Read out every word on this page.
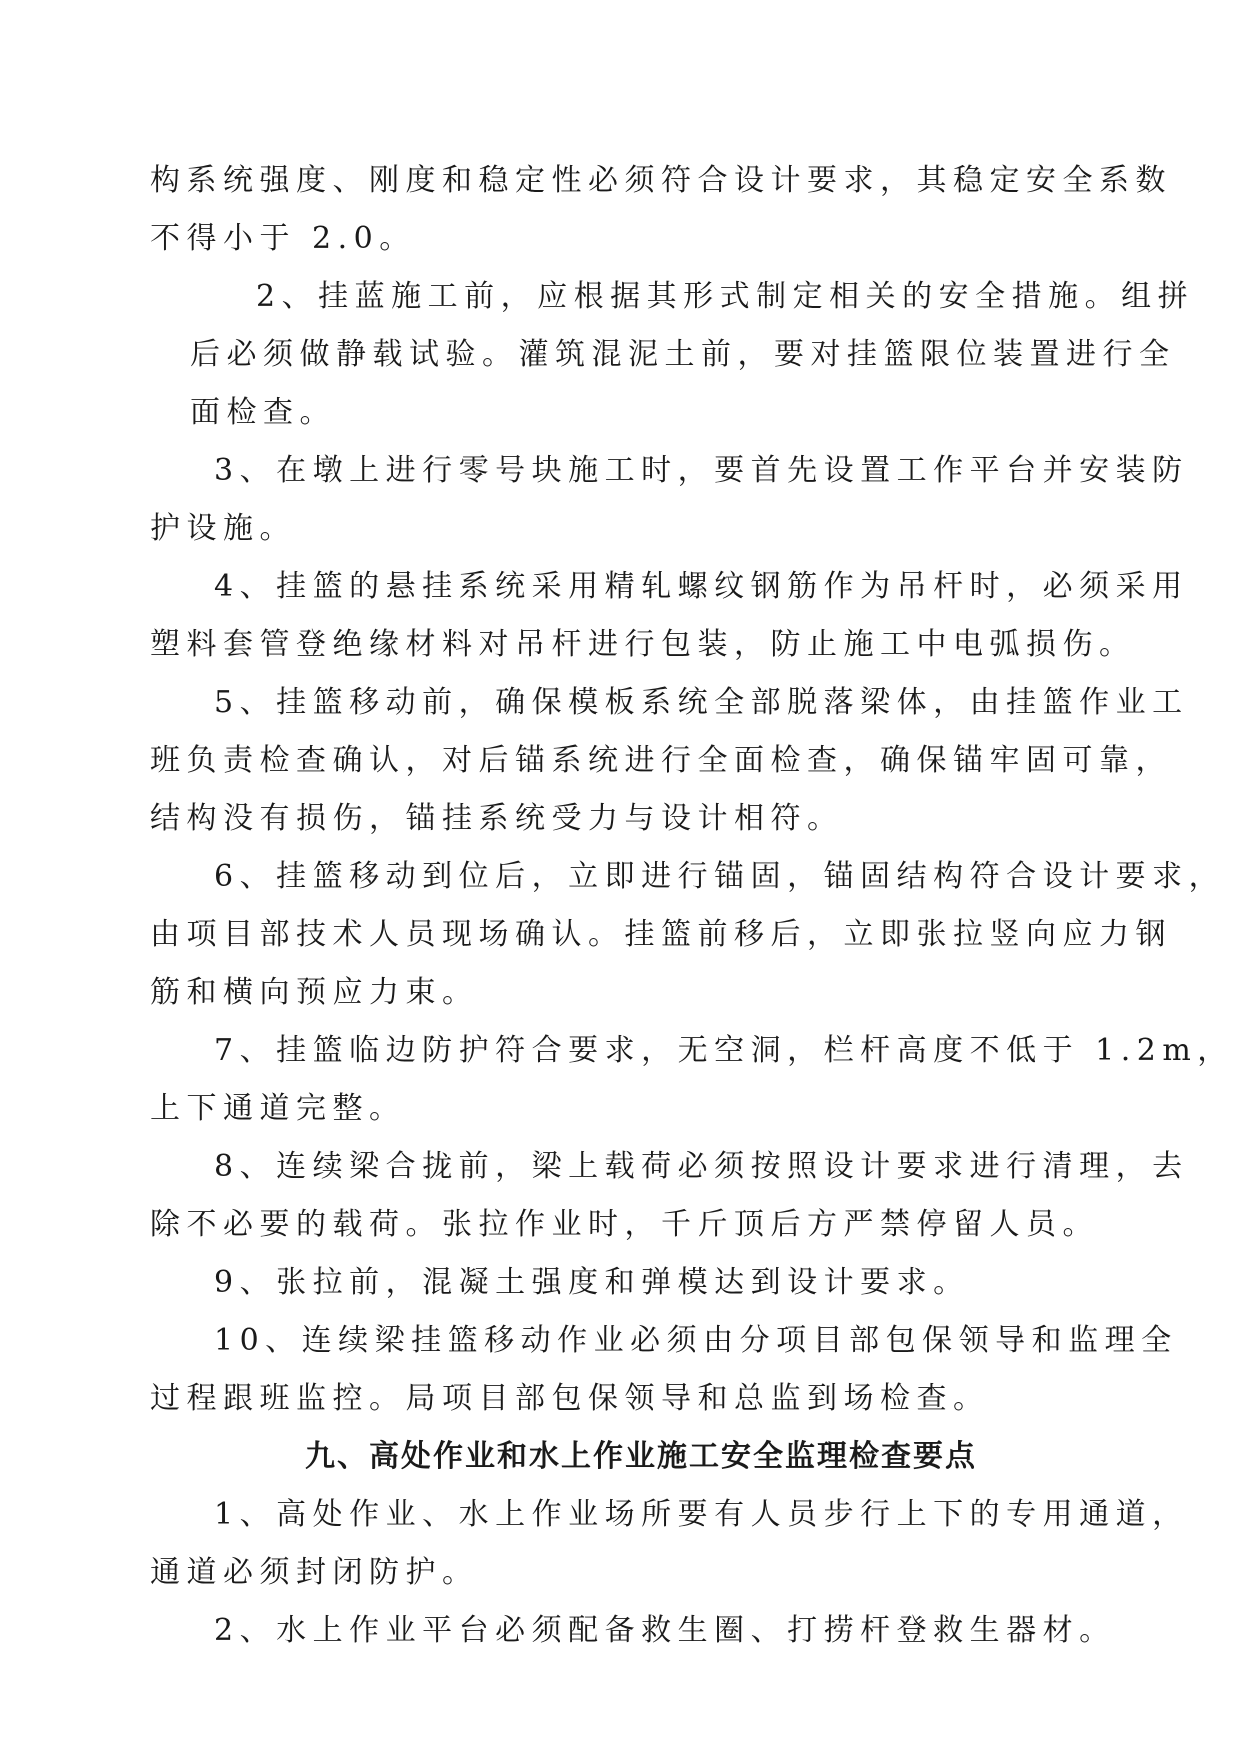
构系统强度、刚度和稳定性必须符合设计要求，其稳定安全系数
不得小于 2.0。
2、挂蓝施工前，应根据其形式制定相关的安全措施。组拼
后必须做静载试验。灌筑混泥土前，要对挂篮限位装置进行全
面检查。
3、在墩上进行零号块施工时，要首先设置工作平台并安装防
护设施。
4、挂篮的悬挂系统采用精轧螺纹钢筋作为吊杆时，必须采用
塑料套管登绝缘材料对吊杆进行包装，防止施工中电弧损伤。
5、挂篮移动前，确保模板系统全部脱落梁体，由挂篮作业工
班负责检查确认，对后锚系统进行全面检查，确保锚牢固可靠，
结构没有损伤，锚挂系统受力与设计相符。
6、挂篮移动到位后，立即进行锚固，锚固结构符合设计要求，
由项目部技术人员现场确认。挂篮前移后，立即张拉竖向应力钢
筋和横向预应力束。
7、挂篮临边防护符合要求，无空洞，栏杆高度不低于 1.2m，
上下通道完整。
8、连续梁合拢前，梁上载荷必须按照设计要求进行清理，去
除不必要的载荷。张拉作业时，千斤顶后方严禁停留人员。
9、张拉前，混凝土强度和弹模达到设计要求。
10、连续梁挂篮移动作业必须由分项目部包保领导和监理全
过程跟班监控。局项目部包保领导和总监到场检查。
九、高处作业和水上作业施工安全监理检查要点
1、高处作业、水上作业场所要有人员步行上下的专用通道，
通道必须封闭防护。
2、水上作业平台必须配备救生圈、打捞杆登救生器材。
